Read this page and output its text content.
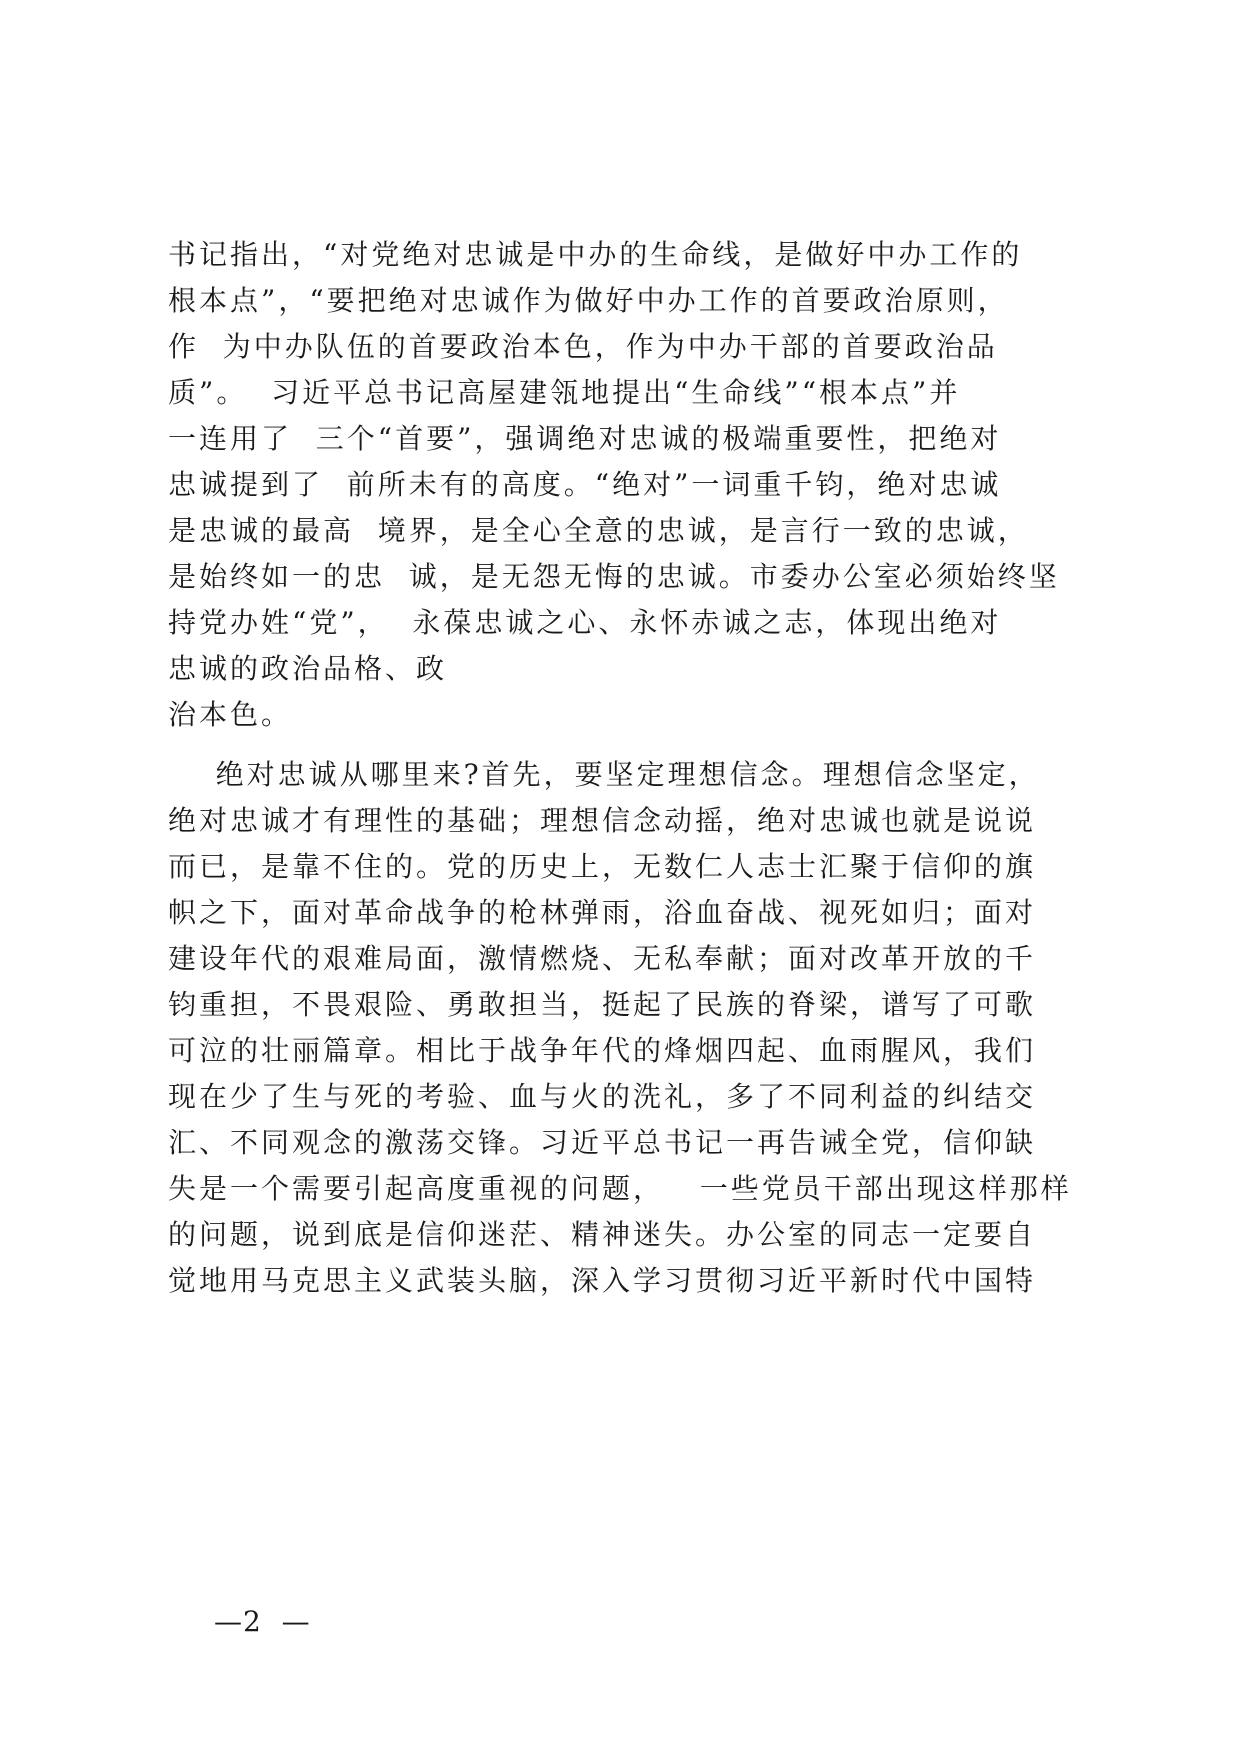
书记指出，“对党绝对忠诚是中办的生命线，是做好中办工作的
根本点”，“要把绝对忠诚作为做好中办工作的首要政治原则，
作  为中办队伍的首要政治本色，作为中办干部的首要政治品
质”。  习近平总书记高屋建瓴地提出“生命线”“根本点”并
一连用了  三个“首要”，强调绝对忠诚的极端重要性，把绝对
忠诚提到了  前所未有的高度。“绝对”一词重千钧，绝对忠诚
是忠诚的最高  境界，是全心全意的忠诚，是言行一致的忠诚，
是始终如一的忠  诚，是无怨无悔的忠诚。市委办公室必须始终坚
持党办姓“党”，  永葆忠诚之心、永怀赤诚之志，体现出绝对
忠诚的政治品格、政
治本色。
绝对忠诚从哪里来?首先，要坚定理想信念。理想信念坚定，
绝对忠诚才有理性的基础；理想信念动摇，绝对忠诚也就是说说
而已，是靠不住的。党的历史上，无数仁人志士汇聚于信仰的旗
帜之下，面对革命战争的枪林弹雨，浴血奋战、视死如归；面对
建设年代的艰难局面，激情燃烧、无私奉献；面对改革开放的千
钧重担，不畏艰险、勇敢担当，挺起了民族的脊梁，谱写了可歌
可泣的壮丽篇章。相比于战争年代的烽烟四起、血雨腥风，我们
现在少了生与死的考验、血与火的洗礼，多了不同利益的纠结交
汇、不同观念的激荡交锋。习近平总书记一再告诫全党，信仰缺
失是一个需要引起高度重视的问题，   一些党员干部出现这样那样
的问题，说到底是信仰迷茫、精神迷失。办公室的同志一定要自
觉地用马克思主义武装头脑，深入学习贯彻习近平新时代中国特
—2  —
